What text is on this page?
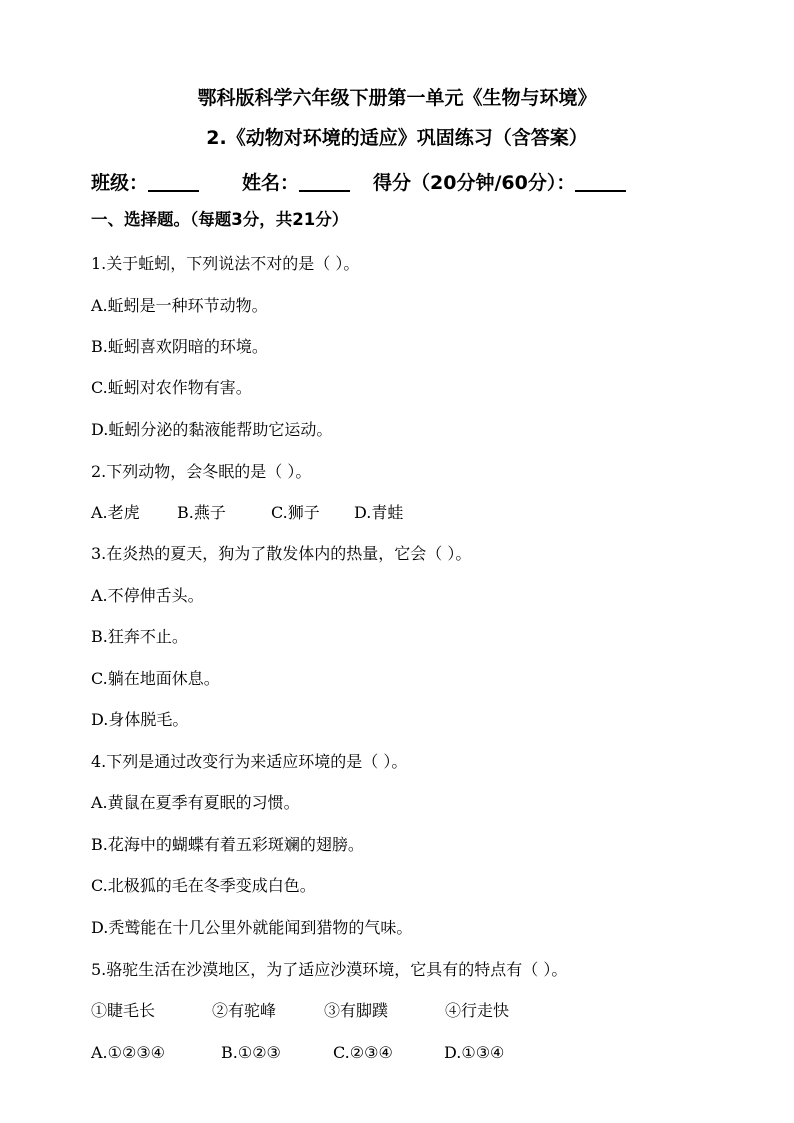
鄂科版科学六年级下册第一单元《生物与环境》
2.《动物对环境的适应》巩固练习（含答案）
班级：	姓名：	得分（20分钟/60分）：
一、选择题。（每题3分，共21分）
1.关于蚯蚓，下列说法不对的是（ ）。
A.蚯蚓是一种环节动物。
B.蚯蚓喜欢阴暗的环境。
C.蚯蚓对农作物有害。
D.蚯蚓分泌的黏液能帮助它运动。
2.下列动物，会冬眠的是（ ）。
A.老虎 B.燕子	C.狮子 D.青蛙
3.在炎热的夏天，狗为了散发体内的热量，它会（ ）。
A.不停伸舌头。
B.狂奔不止。
C.躺在地面休息。
D.身体脱毛。
4.下列是通过改变行为来适应环境的是（ ）。
A.黄鼠在夏季有夏眠的习惯。
B.花海中的蝴蝶有着五彩斑斓的翅膀。
C.北极狐的毛在冬季变成白色。
D.秃鹫能在十几公里外就能闻到猎物的气味。
5.骆驼生活在沙漠地区，为了适应沙漠环境，它具有的特点有（ ）。
①睫毛长	②有驼峰	③有脚蹼	④行走快
A.①②③④	B.①②③	C.②③④	D.①③④
